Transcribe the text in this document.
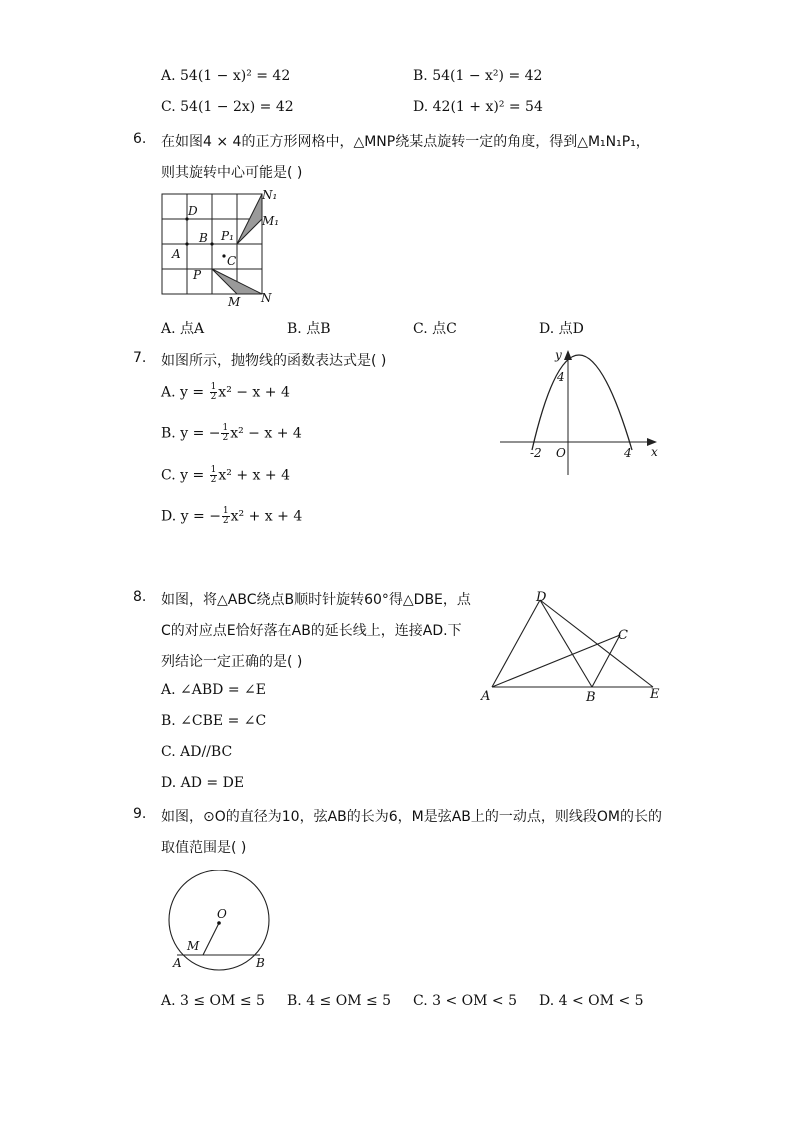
A. 54(1 − x)² = 42	B. 54(1 − x²) = 42
C. 54(1 − 2x) = 42	D. 42(1 + x)² = 54
6. 在如图4 × 4的正方形网格中，△MNP绕某点旋转一定的角度，得到△M₁N₁P₁，
则其旋转中心可能是( )
D
B
A	C
P
P₁
M N
N₁
M₁
A. 点A	B. 点B	C. 点C	D. 点D
7. 如图所示，抛物线的函数表达式是( )
A. $y = \frac{1}{2} x^2 - x + 4$
B. y = − $\frac{1}{2} x^2 - x + 4$
C. $y = \frac{1}{2} x^2 + x + 4$
D. y = − $\frac{1}{2} x^2 + x + 4$
y
x
4
-2 O	4
8. 如图，将△ABC绕点B顺时针旋转60°得△DBE，点
C的对应点E恰好落在AB的延长线上，连接AD.下
列结论一定正确的是( )
A. ∠ABD = ∠E
B. ∠CBE = ∠C
C. AD//BC
D. AD = DE
D
C
A	B	E
9. 如图，⊙O的直径为10，弦AB的长为6，M是弦AB上的一动点，则线段OM的长的
取值范围是( )
O
M
A	B
A. 3 ≤ OM ≤ 5 B. 4 ≤ OM ≤ 5 C. 3 < OM < 5 D. 4 < OM < 5
